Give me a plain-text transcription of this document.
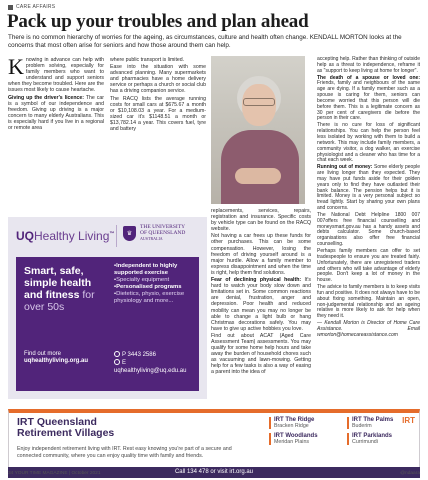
CARE AFFAIRS
Pack up your troubles and plan ahead
There is no common hierarchy of worries for the ageing, as circumstances, culture and health often change. KENDALL MORTON looks at the concerns that most often arise for seniors and how those around them can help.

Knowing in advance can help with problem solving, especially for family members who want to understand and support seniors when they become troubled. Here are the issues most likely to cause heartache.

Giving up the driver's licence: The car is a symbol of our independence and freedom. Giving up driving is a major concern to many elderly Australians. This is especially hard if you live in a regional or remote area

where public transport is limited.

Ease into the situation with some advanced planning. Many supermarkets and pharmacies have a home delivery service or perhaps a church or social club has a driving companion service.

The RACQ lists the average running costs for small cars at $675.67 a month or $10,108.03 a year. For a medium-sized car it's $1148.51 a month or $13,782.14 a year. This covers fuel, tyre and battery

replacements, services, repairs, registration and insurance. Specific costs by vehicle type can be found on the RACQ website.

Not having a car frees up these funds for other purchases. This can be some compensation. However, losing the freedom of driving yourself around is a major hurdle. Allow a family member to express disappointment and when the time is right, help them find solutions.

Fear of declining physical health: It's hard to watch your body slow down and limitations set in. Some common reactions are denial, frustration, anger and depression. Poor health and reduced mobility can mean you may no longer be able to change a light bulb or hang Christmas decorations safely. You may have to give up active hobbies you love.

Find out about ACAT (Aged Care Assessment Team) assessments. You may qualify for some home help hours and take away the burden of household chores such as vacuuming and lawn-mowing. Getting help for a few tasks is also a way of easing a parent into the idea of

accepting help. Rather than thinking of outside help as a threat to independence, reframe it as "support to keep living at home for longer".

The death of a spouse or loved one: Friends, family and neighbours of the same age are dying. If a family member such as a spouse is caring for them, seniors can become worried that this person will die before them. This is a legitimate concern as 30 per cent of caregivers die before the person in their care.

There is no cure for loss of significant relationships. You can help the person feel less isolated by working with them to build a network. This may include family members, a community visitor, a dog walker, an exercise physiologist and a cleaner who has time for a chat each week.

Running out of money: Some elderly people are living longer than they expected. They may have put funds aside for their golden years only to find they have outlasted their bank balance. The pension helps but it is limited. Money is a very personal subject so tread lightly. Start by sharing your own plans and concerns.

The National Debt Helpline 1800 007 007offers free financial counselling and moneysmart.gov.au has a handy assets and debts calculator. Some church-based organisations also offer free financial counselling.

Perhaps family members can offer to set tradespeople to ensure you are treated fairly. Unfortunately, there are unregistered traders and others who will take advantage of elderly people. Don't keep a lot of money in the house.

The advice to family members is to keep visits fun and positive. It does not always have to be about fixing something. Maintain an open, non-judgemental relationship and an ageing relative is more likely to ask for help when they need it.

— Kendall Morton is Director of Home Care Assistance. Email wmorton@homecareassistance.com

UQHealthy Living™	♛
THE UNIVERSITY
OF QUEENSLAND
AUSTRALIA
Smart, safe, simple health and fitness for over 50s
• Independent to highly supported exercise
• Specialty equipment
• Personalised programs
• Dietetics, physio, exercise physiology and more...
Find out more
uqhealthyliving.org.au
P 3443 2586
E uqhealthyliving@uq.edu.au
IRT Queensland
Retirement Villages
Enjoy independent retirement living with IRT. Rest easy knowing you're part of a secure and connected community, where you can enjoy quality time with family and friends.
IRT The Ridge
Bracken Ridge
IRT The Palms
Buderim
IRT Woodlands
Meridan Plains
IRT Parklands
Currimundi
IRT
Call 134 478 or visit irt.org.au
34 YOUR TIME MAGAZINE | October 2021	@ndaara
